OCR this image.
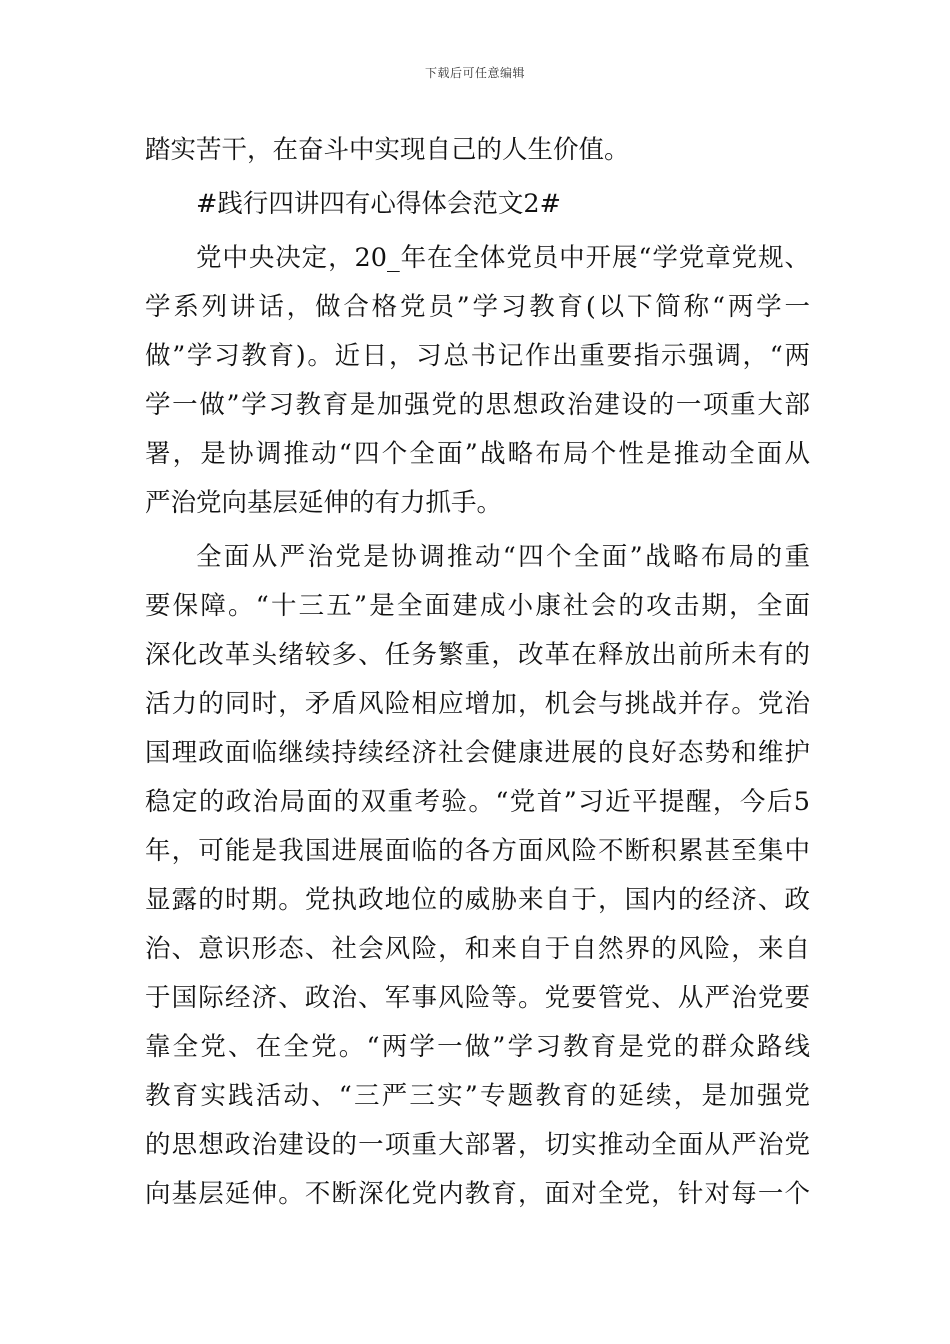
下载后可任意编辑
踏实苦干，在奋斗中实现自己的人生价值。
#践行四讲四有心得体会范文2#
党中央决定，20_年在全体党员中开展“学党章党规、
学系列讲话，做合格党员”学习教育(以下简称“两学一
做”学习教育)。近日，习总书记作出重要指示强调，“两
学一做”学习教育是加强党的思想政治建设的一项重大部
署，是协调推动“四个全面”战略布局个性是推动全面从
严治党向基层延伸的有力抓手。
全面从严治党是协调推动“四个全面”战略布局的重
要保障。“十三五”是全面建成小康社会的攻击期，全面
深化改革头绪较多、任务繁重，改革在释放出前所未有的
活力的同时，矛盾风险相应增加，机会与挑战并存。党治
国理政面临继续持续经济社会健康进展的良好态势和维护
稳定的政治局面的双重考验。“党首”习近平提醒，今后5
年，可能是我国进展面临的各方面风险不断积累甚至集中
显露的时期。党执政地位的威胁来自于，国内的经济、政
治、意识形态、社会风险，和来自于自然界的风险，来自
于国际经济、政治、军事风险等。党要管党、从严治党要
靠全党、在全党。“两学一做”学习教育是党的群众路线
教育实践活动、“三严三实”专题教育的延续，是加强党
的思想政治建设的一项重大部署，切实推动全面从严治党
向基层延伸。不断深化党内教育，面对全党，针对每一个
